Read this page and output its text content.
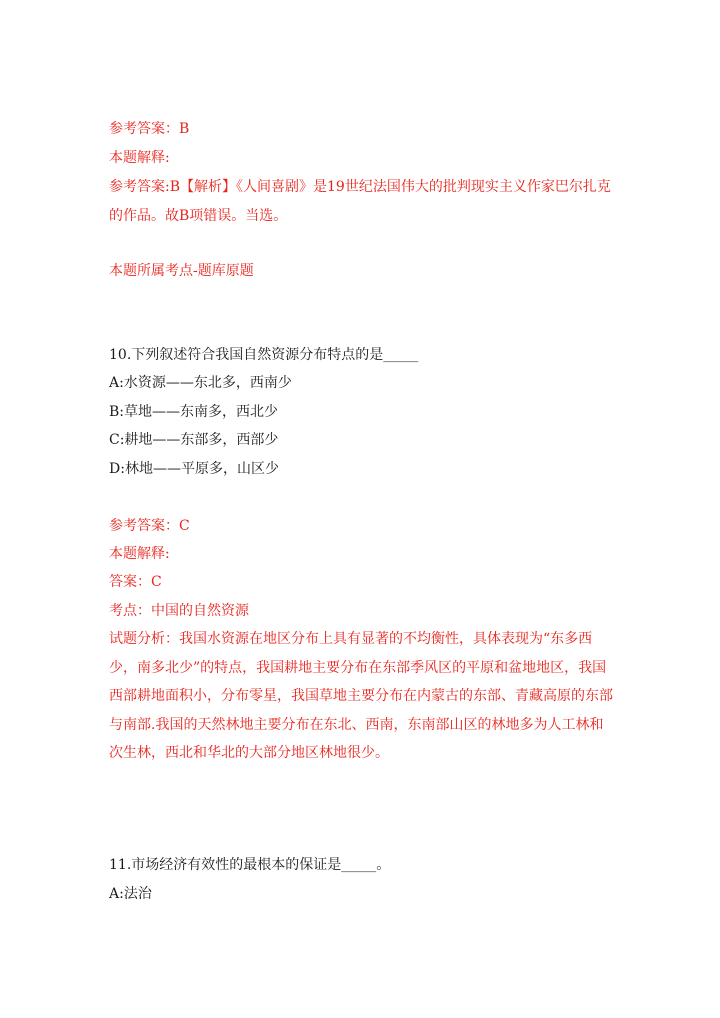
参考答案：B
本题解释:
参考答案:B【解析】《人间喜剧》是19世纪法国伟大的批判现实主义作家巴尔扎克的作品。故B项错误。当选。
本题所属考点-题库原题
10.下列叙述符合我国自然资源分布特点的是_____
A:水资源——东北多，西南少
B:草地——东南多，西北少
C:耕地——东部多，西部少
D:林地——平原多，山区少
参考答案：C
本题解释:
答案：C
考点：中国的自然资源
试题分析：我国水资源在地区分布上具有显著的不均衡性，具体表现为“东多西少，南多北少”的特点，我国耕地主要分布在东部季风区的平原和盆地地区，我国西部耕地面积小，分布零星，我国草地主要分布在内蒙古的东部、青藏高原的东部与南部.我国的天然林地主要分布在东北、西南，东南部山区的林地多为人工林和次生林，西北和华北的大部分地区林地很少。
11.市场经济有效性的最根本的保证是_____。
A:法治
